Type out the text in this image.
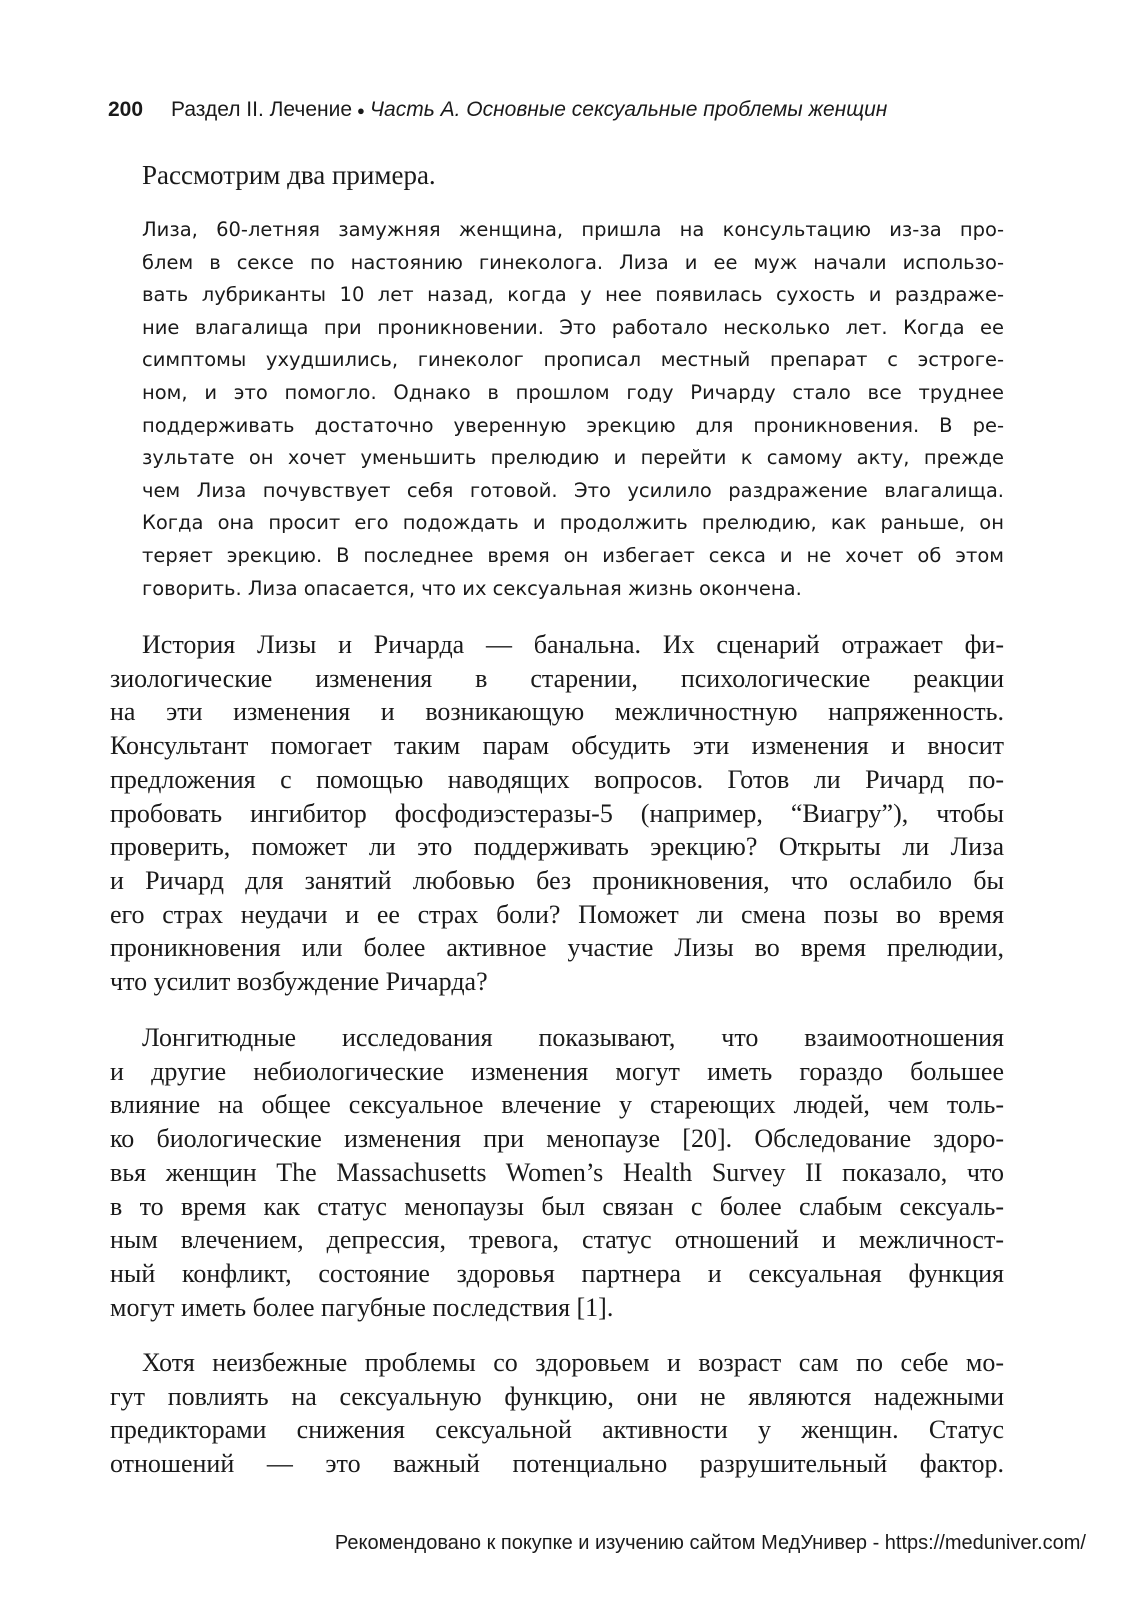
200 Раздел II. Лечение ● Часть А. Основные сексуальные проблемы женщин

Рассмотрим два примера.

Лиза, 60-летняя замужняя женщина, пришла на консультацию из-за про-
блем в сексе по настоянию гинеколога. Лиза и ее муж начали использо-
вать лубриканты 10 лет назад, когда у нее появилась сухость и раздраже-
ние влагалища при проникновении. Это работало несколько лет. Когда ее
симптомы ухудшились, гинеколог прописал местный препарат с эстроге-
ном, и это помогло. Однако в прошлом году Ричарду стало все труднее
поддерживать достаточно уверенную эрекцию для проникновения. В ре-
зультате он хочет уменьшить прелюдию и перейти к самому акту, прежде
чем Лиза почувствует себя готовой. Это усилило раздражение влагалища.
Когда она просит его подождать и продолжить прелюдию, как раньше, он
теряет эрекцию. В последнее время он избегает секса и не хочет об этом
говорить. Лиза опасается, что их сексуальная жизнь окончена.
История Лизы и Ричарда — банальна. Их сценарий отражает фи-
зиологические изменения в старении, психологические реакции
на эти изменения и возникающую межличностную напряженность.
Консультант помогает таким парам обсудить эти изменения и вносит
предложения с помощью наводящих вопросов. Готов ли Ричард по-
пробовать ингибитор фосфодиэстеразы-5 (например, “Виагру”), чтобы
проверить, поможет ли это поддерживать эрекцию? Открыты ли Лиза
и Ричард для занятий любовью без проникновения, что ослабило бы
его страх неудачи и ее страх боли? Поможет ли смена позы во время
проникновения или более активное участие Лизы во время прелюдии,
что усилит возбуждение Ричарда?
Лонгитюдные исследования показывают, что взаимоотношения
и другие небиологические изменения могут иметь гораздо большее
влияние на общее сексуальное влечение у стареющих людей, чем толь-
ко биологические изменения при менопаузе [20]. Обследование здоро-
вья женщин The Massachusetts Women’s Health Survey II показало, что
в то время как статус менопаузы был связан с более слабым сексуаль-
ным влечением, депрессия, тревога, статус отношений и межличност-
ный конфликт, состояние здоровья партнера и сексуальная функция
могут иметь более пагубные последствия [1].
Хотя неизбежные проблемы со здоровьем и возраст сам по себе мо-
гут повлиять на сексуальную функцию, они не являются надежными
предикторами снижения сексуальной активности у женщин. Статус
отношений — это важный потенциально разрушительный фактор.
Рекомендовано к покупке и изучению сайтом МедУнивер - https://meduniver.com/
